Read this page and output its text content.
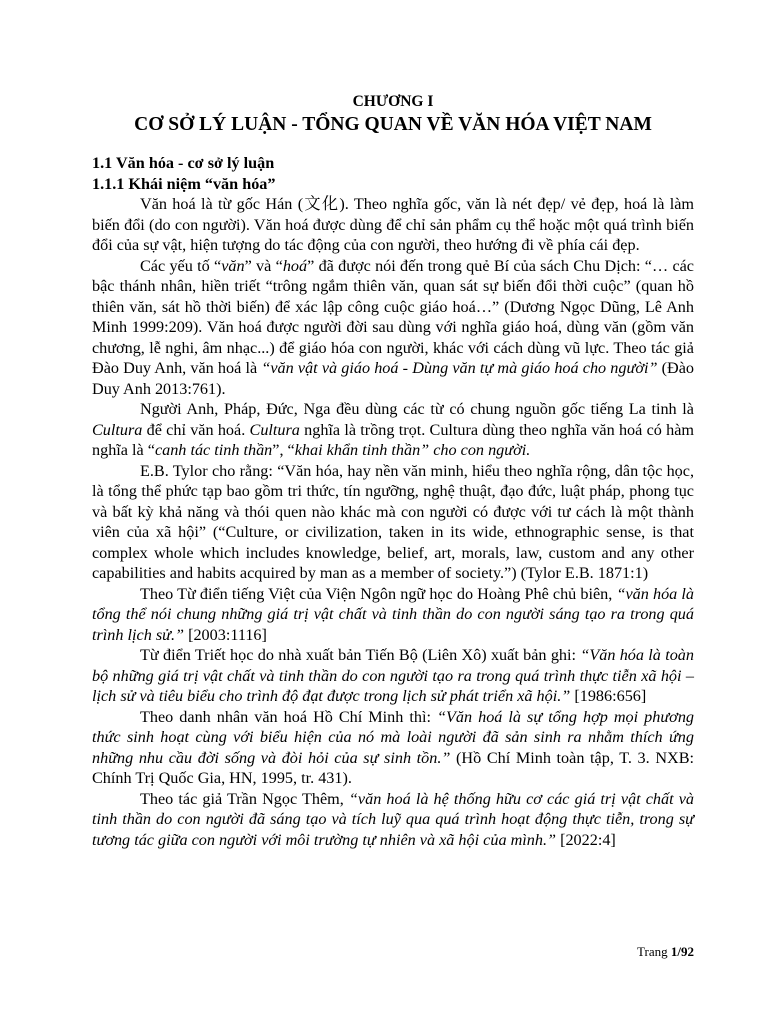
CHƯƠNG I
CƠ SỞ LÝ LUẬN - TỔNG QUAN VỀ VĂN HÓA VIỆT NAM
1.1 Văn hóa - cơ sở lý luận
1.1.1 Khái niệm “văn hóa”

Văn hoá là từ gốc Hán (文化). Theo nghĩa gốc, văn là nét đẹp/ vẻ đẹp, hoá là làm biến đổi (do con người). Văn hoá được dùng để chỉ sản phẩm cụ thể hoặc một quá trình biến đổi của sự vật, hiện tượng do tác động của con người, theo hướng đi về phía cái đẹp.

Các yếu tố “văn” và “hoá” đã được nói đến trong quẻ Bí của sách Chu Dịch: “… các bậc thánh nhân, hiền triết “trông ngắm thiên văn, quan sát sự biến đổi thời cuộc” (quan hồ thiên văn, sát hồ thời biến) để xác lập công cuộc giáo hoá…” (Dương Ngọc Dũng, Lê Anh Minh 1999:209). Văn hoá được người đời sau dùng với nghĩa giáo hoá, dùng văn (gồm văn chương, lễ nghi, âm nhạc...) để giáo hóa con người, khác với cách dùng vũ lực. Theo tác giả Đào Duy Anh, văn hoá là “văn vật và giáo hoá - Dùng văn tự mà giáo hoá cho người” (Đào Duy Anh 2013:761).

Người Anh, Pháp, Đức, Nga đều dùng các từ có chung nguồn gốc tiếng La tinh là Cultura để chỉ văn hoá. Cultura nghĩa là trồng trọt. Cultura dùng theo nghĩa văn hoá có hàm nghĩa là “canh tác tinh thần”, “khai khẩn tinh thần” cho con người.

E.B. Tylor cho rằng: “Văn hóa, hay nền văn minh, hiểu theo nghĩa rộng, dân tộc học, là tổng thể phức tạp bao gồm tri thức, tín ngưỡng, nghệ thuật, đạo đức, luật pháp, phong tục và bất kỳ khả năng và thói quen nào khác mà con người có được với tư cách là một thành viên của xã hội” (“Culture, or civilization, taken in its wide, ethnographic sense, is that complex whole which includes knowledge, belief, art, morals, law, custom and any other capabilities and habits acquired by man as a member of society.”) (Tylor E.B. 1871:1)

Theo Từ điển tiếng Việt của Viện Ngôn ngữ học do Hoàng Phê chủ biên, “văn hóa là tổng thể nói chung những giá trị vật chất và tinh thần do con người sáng tạo ra trong quá trình lịch sử.” [2003:1116]

Từ điển Triết học do nhà xuất bản Tiến Bộ (Liên Xô) xuất bản ghi: “Văn hóa là toàn bộ những giá trị vật chất và tinh thần do con người tạo ra trong quá trình thực tiễn xã hội – lịch sử và tiêu biểu cho trình độ đạt được trong lịch sử phát triển xã hội.” [1986:656]

Theo danh nhân văn hoá Hồ Chí Minh thì: “Văn hoá là sự tổng hợp mọi phương thức sinh hoạt cùng với biểu hiện của nó mà loài người đã sản sinh ra nhằm thích ứng những nhu cầu đời sống và đòi hỏi của sự sinh tồn.” (Hồ Chí Minh toàn tập, T. 3. NXB: Chính Trị Quốc Gia, HN, 1995, tr. 431).

Theo tác giả Trần Ngọc Thêm, “văn hoá là hệ thống hữu cơ các giá trị vật chất và tinh thần do con người đã sáng tạo và tích luỹ qua quá trình hoạt động thực tiễn, trong sự tương tác giữa con người với môi trường tự nhiên và xã hội của mình.” [2022:4]

Trang 1/92
